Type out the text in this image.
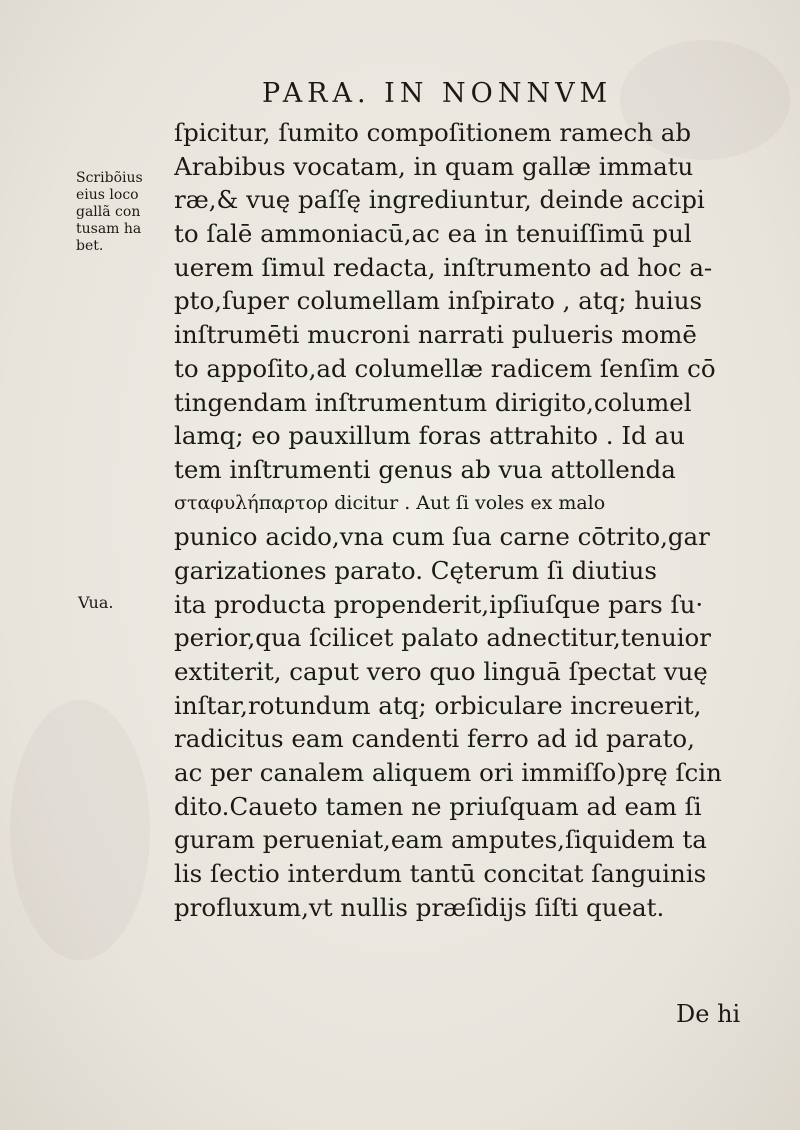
PARA. IN NONNVM
Scribõius
eius loco
gallã con
tusam ha
bet.
Vua.
ſpicitur, ſumito compoſitionem ramech ab
Arabibus vocatam, in quam gallæ immatu
ræ,& vuę paſſę ingrediuntur, deinde accipi
to ſalē ammoniacū,ac ea in tenuiſſimū pul
uerem ſimul redacta, inſtrumento ad hoc a-
pto,ſuper columellam inſpirato , atq; huius
inſtrumēti mucroni narrati pulueris momē
to appoſito,ad columellæ radicem ſenſim cō
tingendam inſtrumentum dirigito,columel
lamq; eo pauxillum foras attrahito . Id au
tem inſtrumenti genus ab vua attollenda
σταφυλήπαρτορ dicitur . Aut ſi voles ex malo
punico acido,vna cum ſua carne cōtrito,gar
garizationes parato. Cęterum ſi diutius
ita producta propenderit,ipſiuſque pars ſu·
perior,qua ſcilicet palato adnectitur,tenuior
extiterit, caput vero quo linguā ſpectat vuę
inſtar,rotundum atq; orbiculare increuerit,
radicitus eam candenti ferro ad id parato,
ac per canalem aliquem ori immiſſo)prę ſcin
dito.Caueto tamen ne priuſquam ad eam ſi
guram perueniat,eam amputes,ſiquidem ta
lis ſectio interdum tantū concitat ſanguinis
profluxum,vt nullis præſidijs ſiſti queat.
De hi
